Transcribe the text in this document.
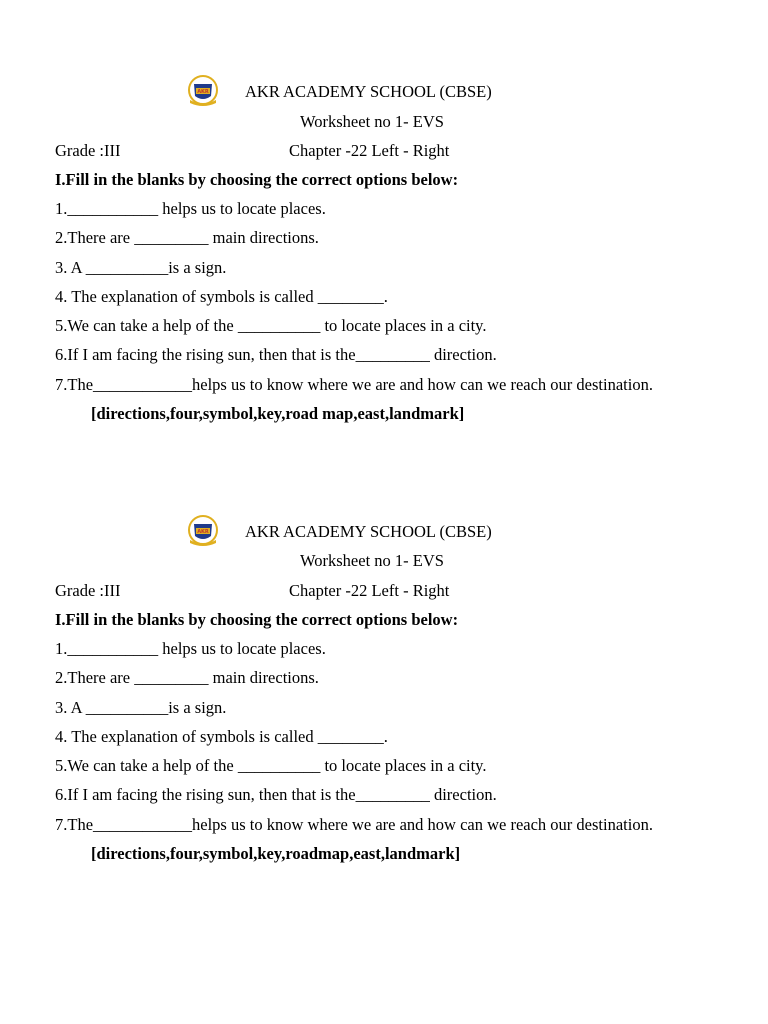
AKR AKR ACADEMY SCHOOL (CBSE)
Worksheet no 1- EVS
Grade :III	Chapter -22 Left - Right
I.Fill in the blanks by choosing the correct options below:
1.___________ helps us to locate places.
2.There are _________ main directions.
3. A __________is a sign.
4. The explanation of symbols is called ________.
5.We can take a help of the __________ to locate places in a city.
6.If I am facing the rising sun, then that is the_________ direction.
7.The____________helps us to know where we are and how can we reach our destination.
[directions,four,symbol,key,road map,east,landmark]
AKR AKR ACADEMY SCHOOL (CBSE)
Worksheet no 1- EVS
Grade :III	Chapter -22 Left - Right
I.Fill in the blanks by choosing the correct options below:
1.___________ helps us to locate places.
2.There are _________ main directions.
3. A __________is a sign.
4. The explanation of symbols is called ________.
5.We can take a help of the __________ to locate places in a city.
6.If I am facing the rising sun, then that is the_________ direction.
7.The____________helps us to know where we are and how can we reach our destination.
[directions,four,symbol,key,roadmap,east,landmark]
